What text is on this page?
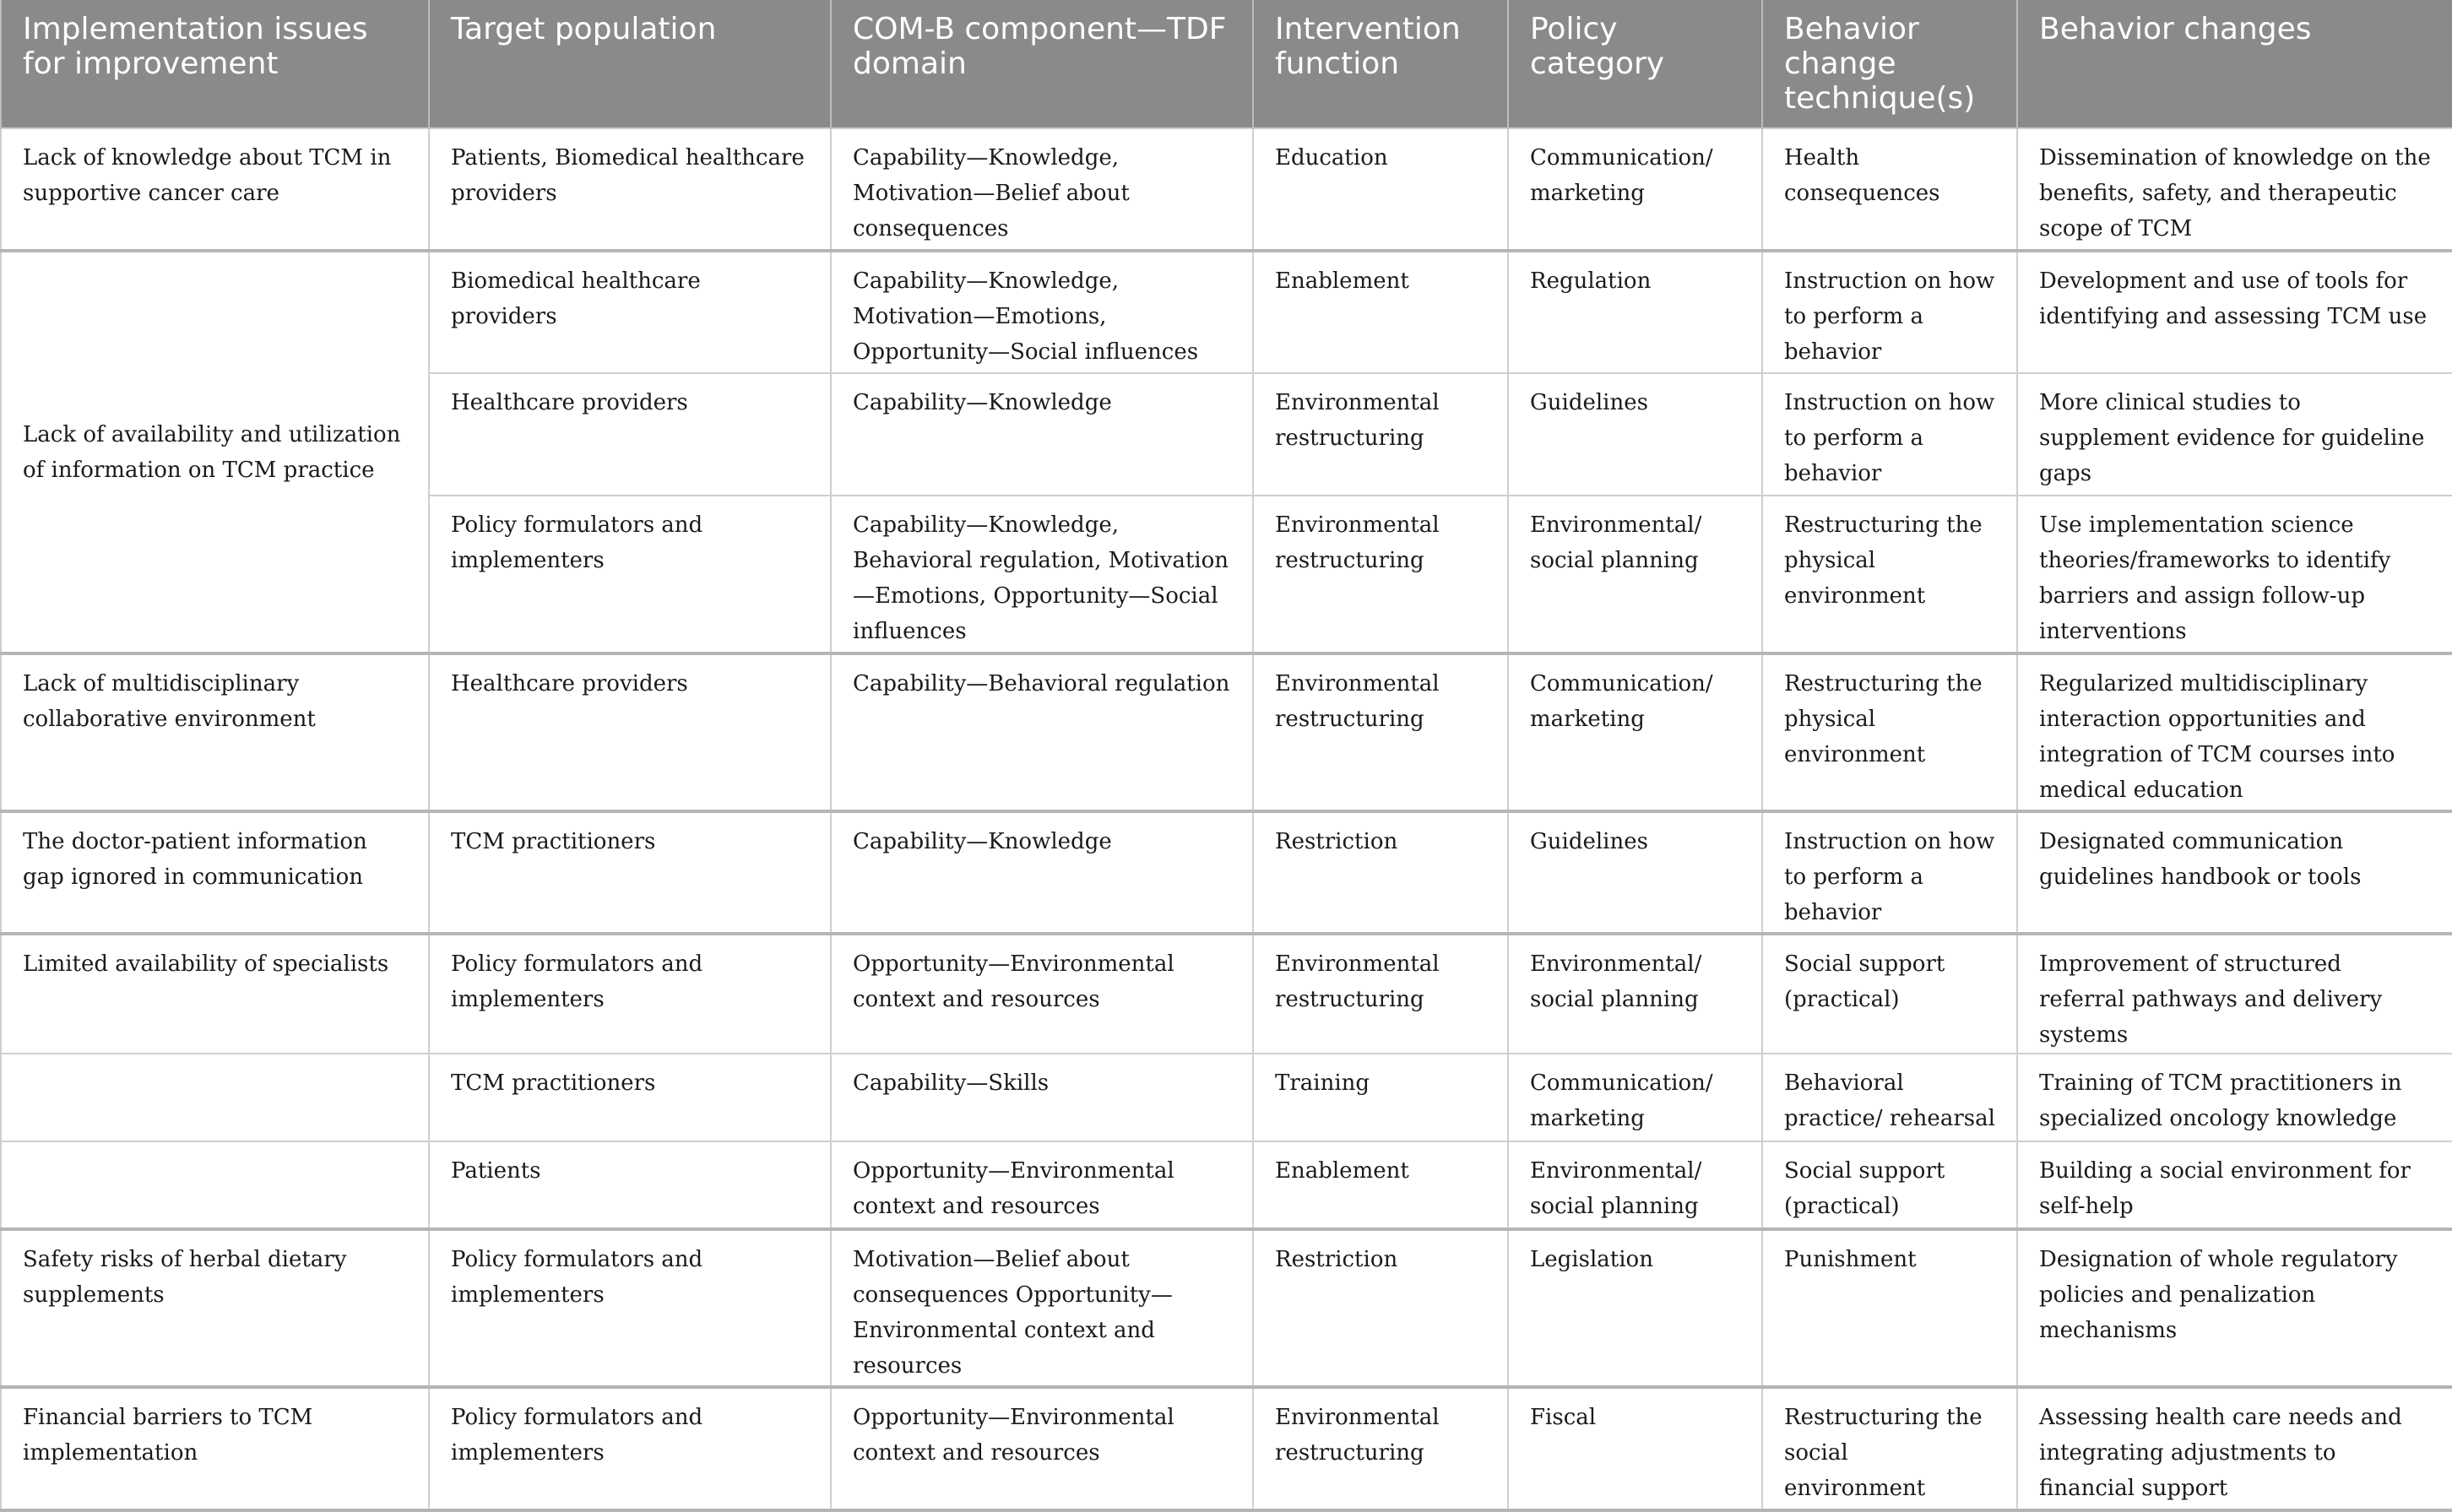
Implementation issues for improvement	Target population	COM-B component—TDF domain	Intervention function	Policy category	Behavior change technique(s)	Behavior changes
Lack of knowledge about TCM in supportive cancer care	Patients, Biomedical healthcare providers	Capability—Knowledge, Motivation—Belief about consequences	Education	Communication/ marketing	Health consequences	Dissemination of knowledge on the benefits, safety, and therapeutic scope of TCM
Lack of availability and utilization of information on TCM practice	Biomedical healthcare providers	Capability—Knowledge, Motivation—Emotions, Opportunity—Social influences	Enablement	Regulation	Instruction on how to perform a behavior	Development and use of tools for identifying and assessing TCM use
	Healthcare providers	Capability—Knowledge	Environmental restructuring	Guidelines	Instruction on how to perform a behavior	More clinical studies to supplement evidence for guideline gaps
	Policy formulators and implementers	Capability—Knowledge, Behavioral regulation, Motivation—Emotions, Opportunity—Social influences	Environmental restructuring	Environmental/ social planning	Restructuring the physical environment	Use implementation science theories/frameworks to identify barriers and assign follow-up interventions
Lack of multidisciplinary collaborative environment	Healthcare providers	Capability—Behavioral regulation	Environmental restructuring	Communication/ marketing	Restructuring the physical environment	Regularized multidisciplinary interaction opportunities and integration of TCM courses into medical education
The doctor-patient information gap ignored in communication	TCM practitioners	Capability—Knowledge	Restriction	Guidelines	Instruction on how to perform a behavior	Designated communication guidelines handbook or tools
Limited availability of specialists	Policy formulators and implementers	Opportunity—Environmental context and resources	Environmental restructuring	Environmental/ social planning	Social support (practical)	Improvement of structured referral pathways and delivery systems
	TCM practitioners	Capability—Skills	Training	Communication/ marketing	Behavioral practice/ rehearsal	Training of TCM practitioners in specialized oncology knowledge
	Patients	Opportunity—Environmental context and resources	Enablement	Environmental/ social planning	Social support (practical)	Building a social environment for self-help
Safety risks of herbal dietary supplements	Policy formulators and implementers	Motivation—Belief about consequences Opportunity—Environmental context and resources	Restriction	Legislation	Punishment	Designation of whole regulatory policies and penalization mechanisms
Financial barriers to TCM implementation	Policy formulators and implementers	Opportunity—Environmental context and resources	Environmental restructuring	Fiscal	Restructuring the social environment	Assessing health care needs and integrating adjustments to financial support
